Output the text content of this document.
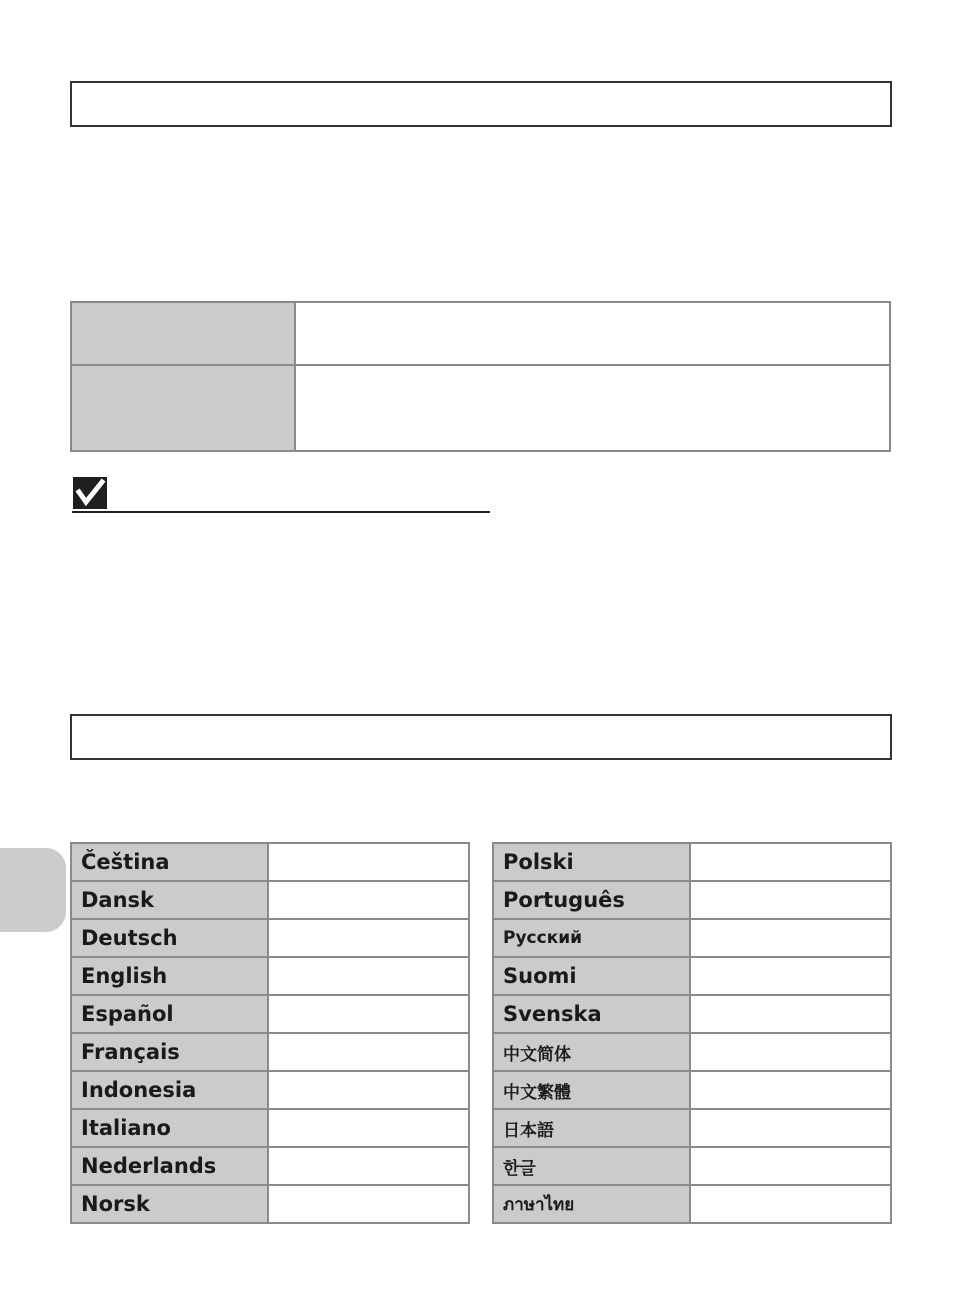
Čeština	
Dansk	
Deutsch	
English	
Español	
Français	
Indonesia	
Italiano	
Nederlands	
Norsk	
Polski	
Português	
Русский	
Suomi	
Svenska	
中文简体	
中文繁體	
日本語	
한글	
ภาษาไทย	
